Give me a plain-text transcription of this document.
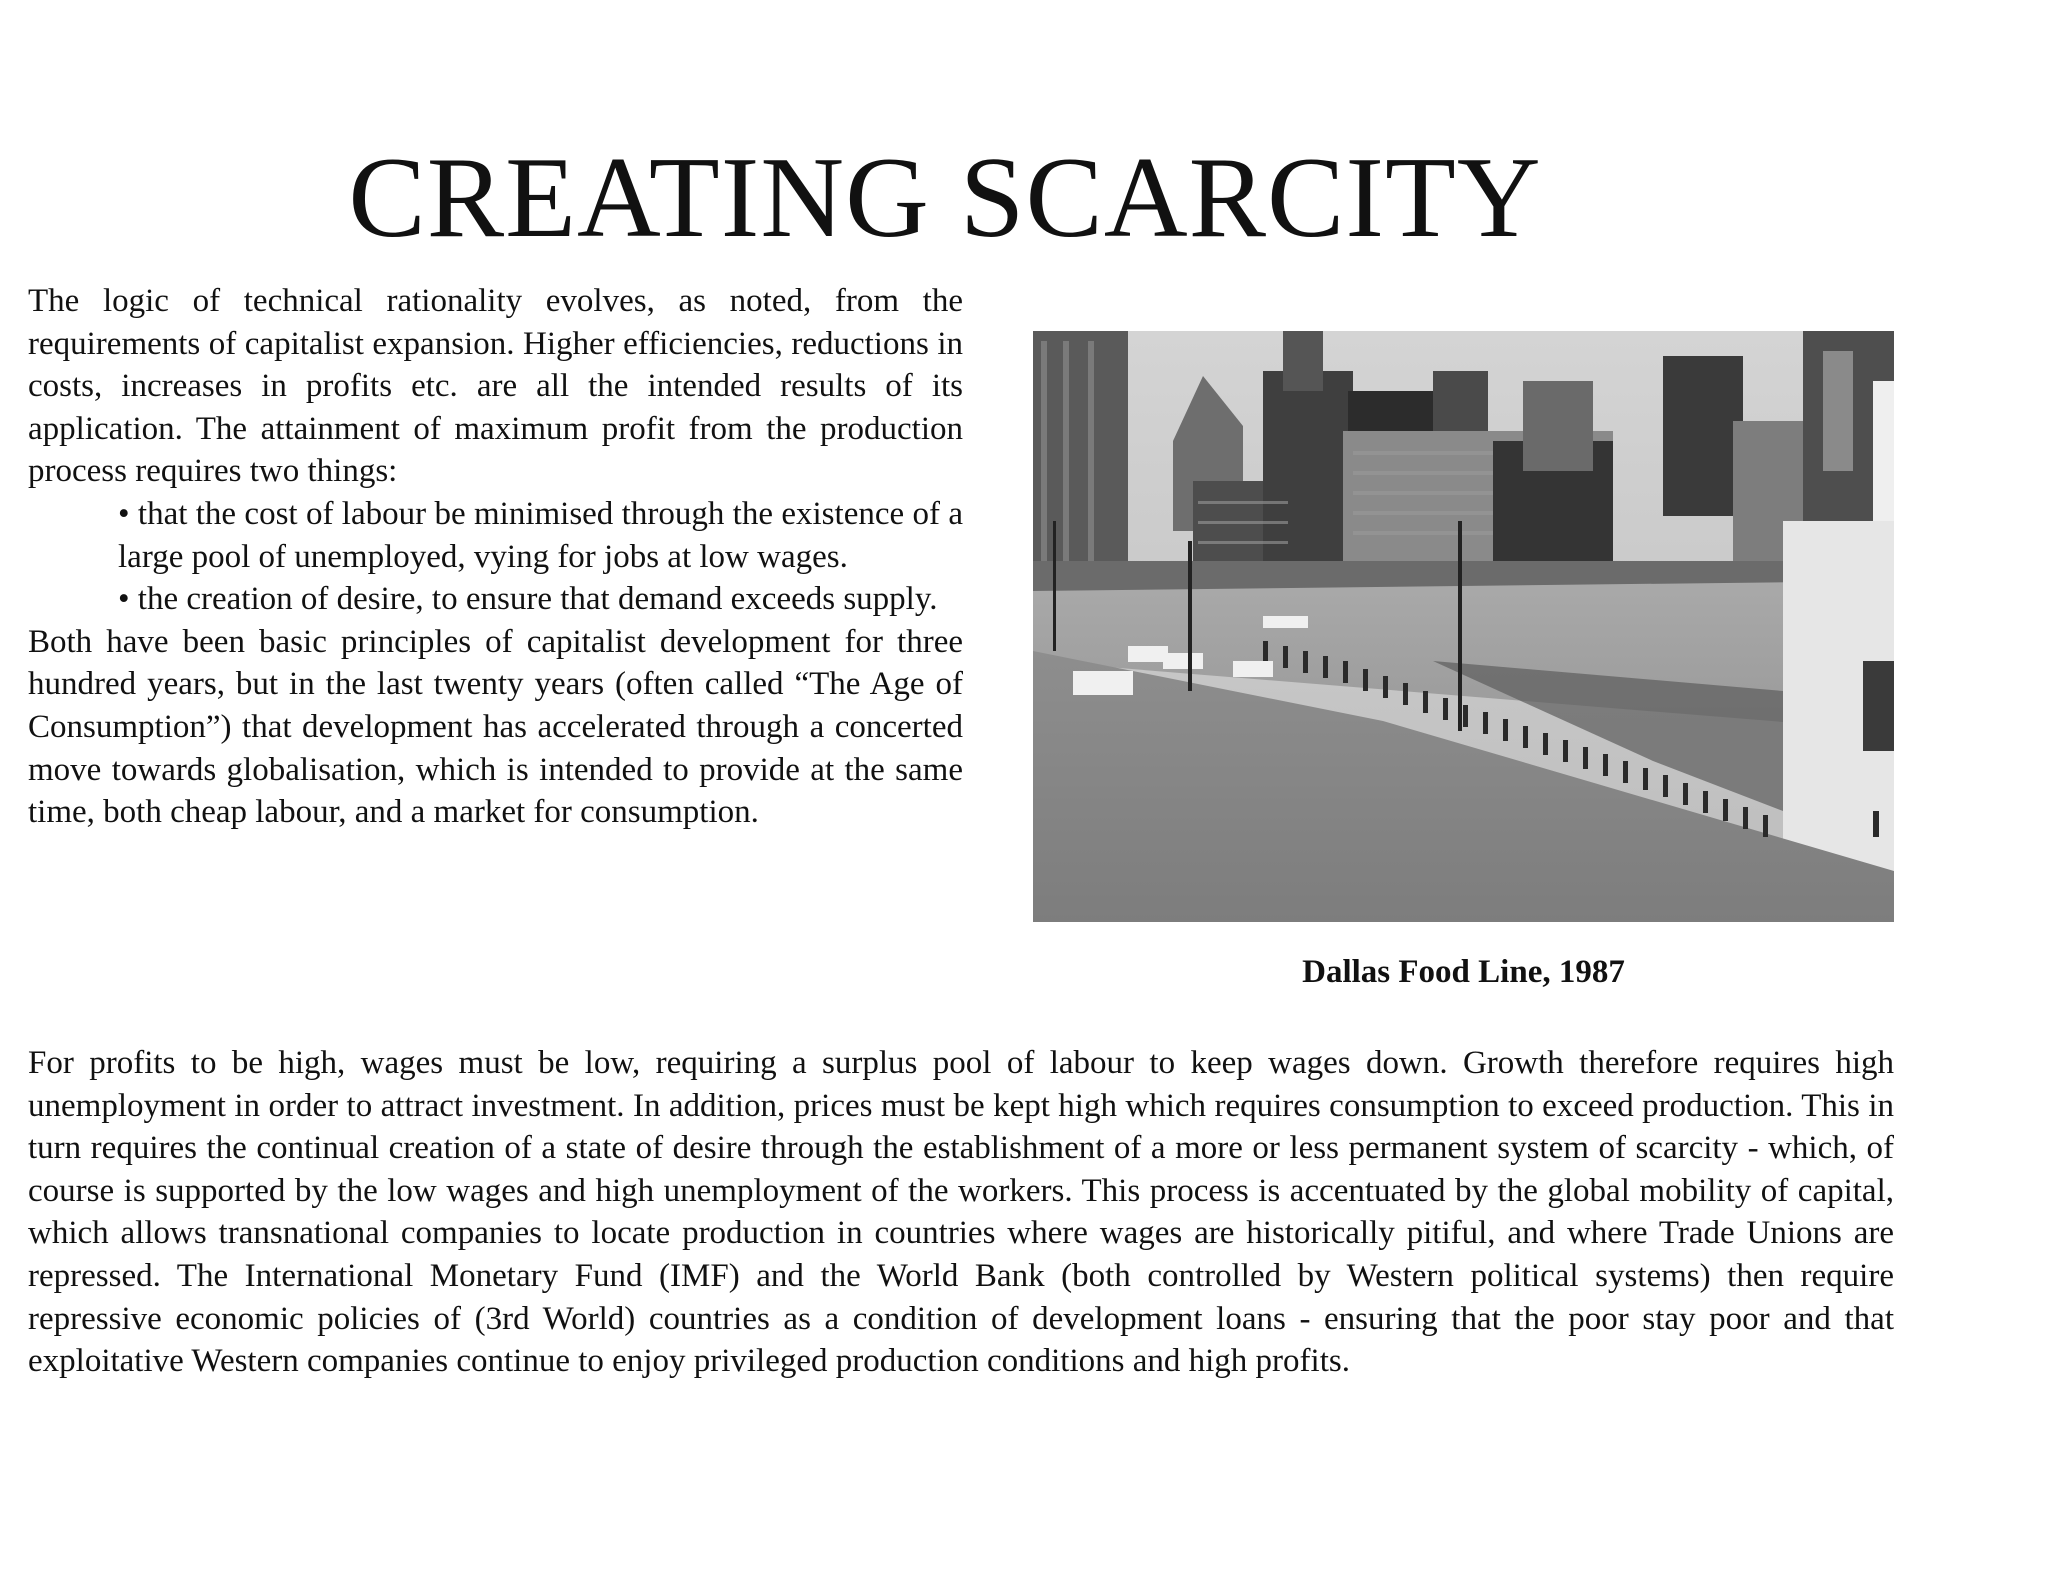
CREATING SCARCITY

The logic of technical rationality evolves, as noted, from the requirements of capitalist expansion. Higher efficiencies, reductions in costs, increases in profits etc. are all the intended results of its application. The attainment of maximum profit from the production process requires two things:

• that the cost of labour be minimised through the existence of a large pool of unemployed, vying for jobs at low wages.
• the creation of desire, to ensure that demand exceeds supply.

Both have been basic principles of capitalist development for three hundred years, but in the last twenty years (often called “The Age of Consumption”) that development has accelerated through a concerted move towards globalisation, which is intended to provide at the same time, both cheap labour, and a market for consumption.

Dallas Food Line, 1987

For profits to be high, wages must be low, requiring a surplus pool of labour to keep wages down. Growth therefore requires high unemployment in order to attract investment. In addition, prices must be kept high which requires consumption to exceed production. This in turn requires the continual creation of a state of desire through the establishment of a more or less permanent system of scarcity - which, of course is supported by the low wages and high unemployment of the workers. This process is accentuated by the global mobility of capital, which allows transnational companies to locate production in countries where wages are historically pitiful, and where Trade Unions are repressed. The International Monetary Fund (IMF) and the World Bank (both controlled by Western political systems) then require repressive economic policies of (3rd World) countries as a condition of development loans - ensuring that the poor stay poor and that exploitative Western companies continue to enjoy privileged production conditions and high profits.
